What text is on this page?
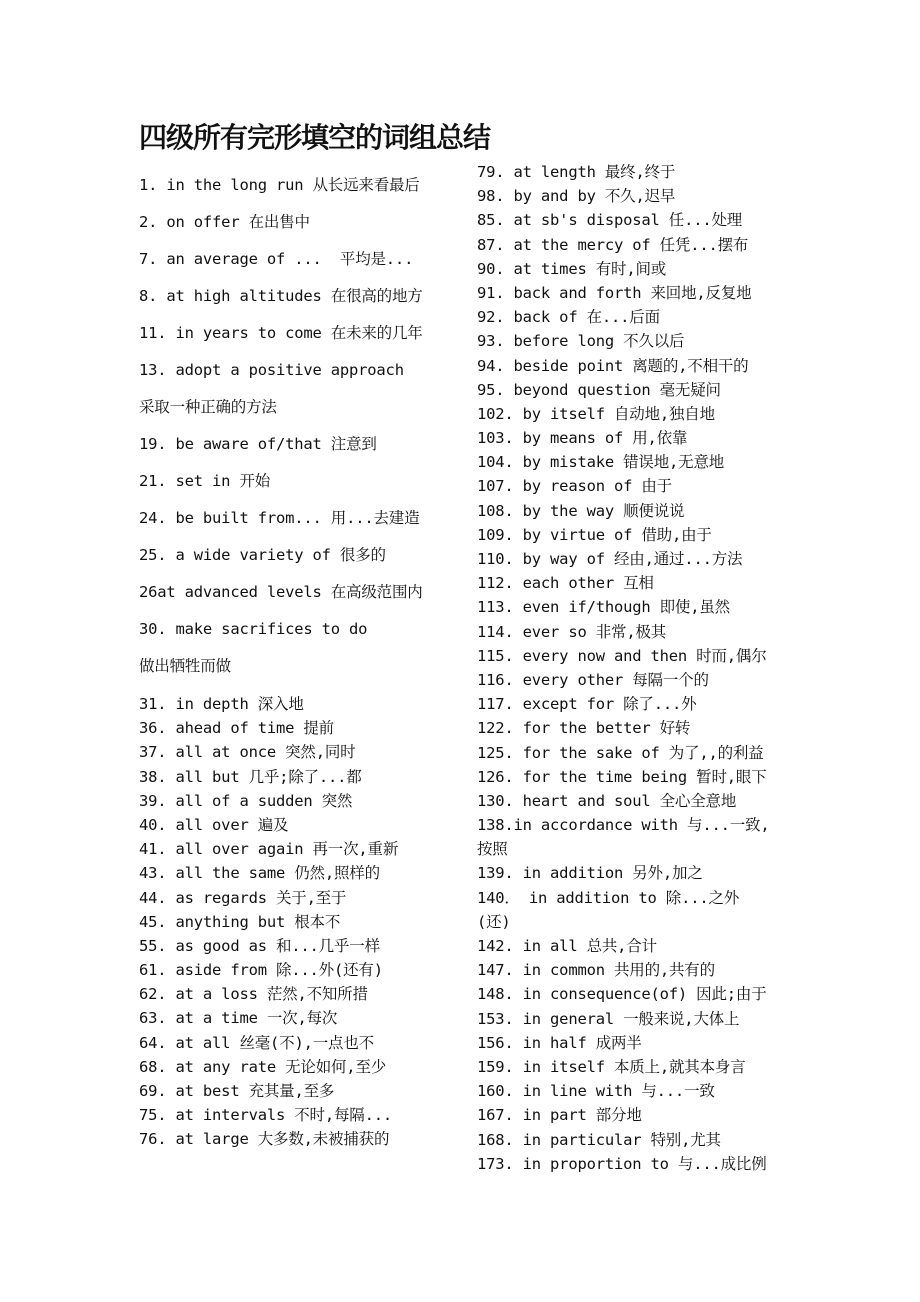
四级所有完形填空的词组总结
1. in the long run 从长远来看最后
2. on offer 在出售中
7. an average of ...  平均是...
8. at high altitudes 在很高的地方
11. in years to come 在未来的几年
13. adopt a positive approach
采取一种正确的方法
19. be aware of/that 注意到
21. set in 开始
24. be built from... 用...去建造
25. a wide variety of 很多的
26at advanced levels 在高级范围内
30. make sacrifices to do
做出牺牲而做
31. in depth 深入地
36. ahead of time 提前
37. all at once 突然,同时
38. all but 几乎;除了...都
39. all of a sudden 突然
40. all over 遍及
41. all over again 再一次,重新
43. all the same 仍然,照样的
44. as regards 关于,至于
45. anything but 根本不
55. as good as 和...几乎一样
61. aside from 除...外(还有)
62. at a loss 茫然,不知所措
63. at a time 一次,每次
64. at all 丝毫(不),一点也不
68. at any rate 无论如何,至少
69. at best 充其量,至多
75. at intervals 不时,每隔...
76. at large 大多数,未被捕获的
79. at length 最终,终于
98. by and by 不久,迟早
85. at sb's disposal 任...处理
87. at the mercy of 任凭...摆布
90. at times 有时,间或
91. back and forth 来回地,反复地
92. back of 在...后面
93. before long 不久以后
94. beside point 离题的,不相干的
95. beyond question 毫无疑问
102. by itself 自动地,独自地
103. by means of 用,依靠
104. by mistake 错误地,无意地
107. by reason of 由于
108. by the way 顺便说说
109. by virtue of 借助,由于
110. by way of 经由,通过...方法
112. each other 互相
113. even if/though 即使,虽然
114. ever so 非常,极其
115. every now and then 时而,偶尔
116. every other 每隔一个的
117. except for 除了...外
122. for the better 好转
125. for the sake of 为了,,的利益
126. for the time being 暂时,眼下
130. heart and soul 全心全意地
138.in accordance with 与...一致,
按照
139. in addition 另外,加之
140． in addition to 除...之外
(还)
142. in all 总共,合计
147. in common 共用的,共有的
148. in consequence(of) 因此;由于
153. in general 一般来说,大体上
156. in half 成两半
159. in itself 本质上,就其本身言
160. in line with 与...一致
167. in part 部分地
168. in particular 特别,尤其
173. in proportion to 与...成比例
